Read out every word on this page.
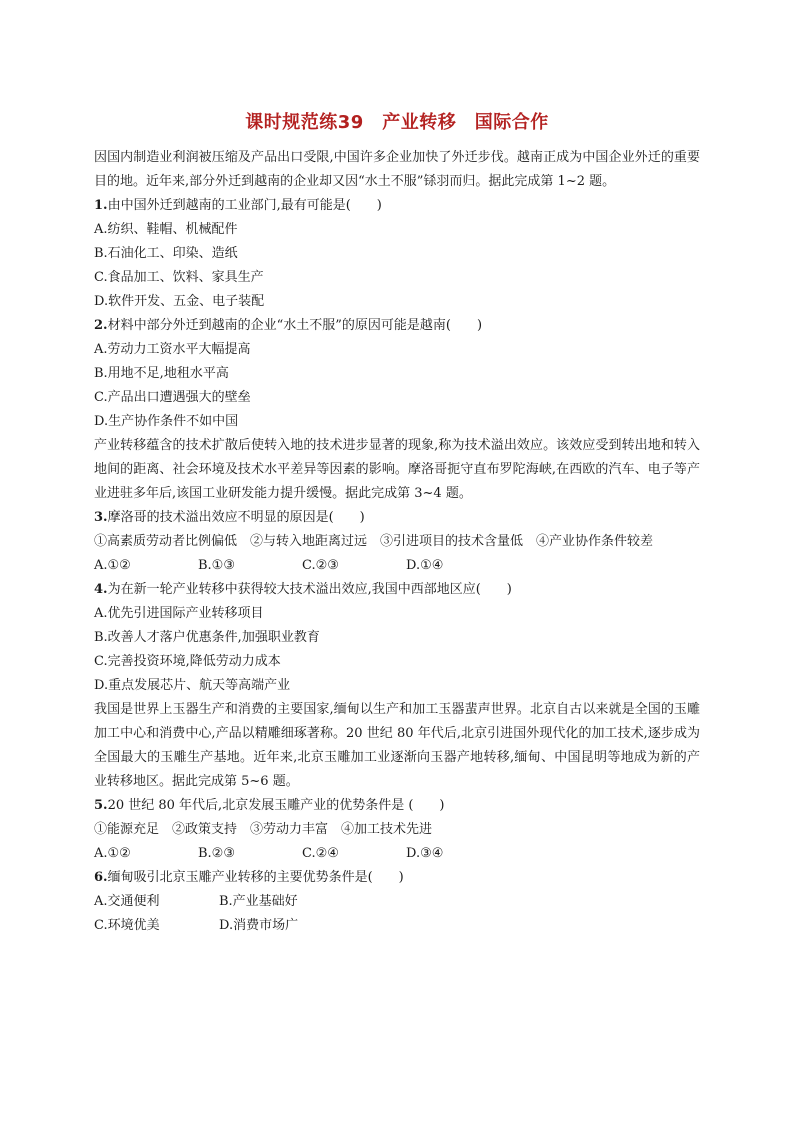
课时规范练39　产业转移　国际合作

因国内制造业利润被压缩及产品出口受限,中国许多企业加快了外迁步伐。越南正成为中国企业外迁的重要目的地。近年来,部分外迁到越南的企业却又因“水土不服”铩羽而归。据此完成第 1~2 题。

1.由中国外迁到越南的工业部门,最有可能是(　　)

A.纺织、鞋帽、机械配件

B.石油化工、印染、造纸

C.食品加工、饮料、家具生产

D.软件开发、五金、电子装配

2.材料中部分外迁到越南的企业“水土不服”的原因可能是越南(　　)

A.劳动力工资水平大幅提高

B.用地不足,地租水平高

C.产品出口遭遇强大的壁垒

D.生产协作条件不如中国

产业转移蕴含的技术扩散后使转入地的技术进步显著的现象,称为技术溢出效应。该效应受到转出地和转入地间的距离、社会环境及技术水平差异等因素的影响。摩洛哥扼守直布罗陀海峡,在西欧的汽车、电子等产业进驻多年后,该国工业研发能力提升缓慢。据此完成第 3~4 题。

3.摩洛哥的技术溢出效应不明显的原因是(　　)

①高素质劳动者比例偏低　②与转入地距离过远　③引进项目的技术含量低　④产业协作条件较差

A.①②	B.①③	C.②③	D.①④

4.为在新一轮产业转移中获得较大技术溢出效应,我国中西部地区应(　　)

A.优先引进国际产业转移项目

B.改善人才落户优惠条件,加强职业教育

C.完善投资环境,降低劳动力成本

D.重点发展芯片、航天等高端产业

我国是世界上玉器生产和消费的主要国家,缅甸以生产和加工玉器蜚声世界。北京自古以来就是全国的玉雕加工中心和消费中心,产品以精雕细琢著称。20 世纪 80 年代后,北京引进国外现代化的加工技术,逐步成为全国最大的玉雕生产基地。近年来,北京玉雕加工业逐渐向玉器产地转移,缅甸、中国昆明等地成为新的产业转移地区。据此完成第 5~6 题。

5.20 世纪 80 年代后,北京发展玉雕产业的优势条件是 (　　)

①能源充足　②政策支持　③劳动力丰富　④加工技术先进

A.①②	B.②③	C.②④	D.③④

6.缅甸吸引北京玉雕产业转移的主要优势条件是(　　)

A.交通便利	B.产业基础好

C.环境优美	D.消费市场广
